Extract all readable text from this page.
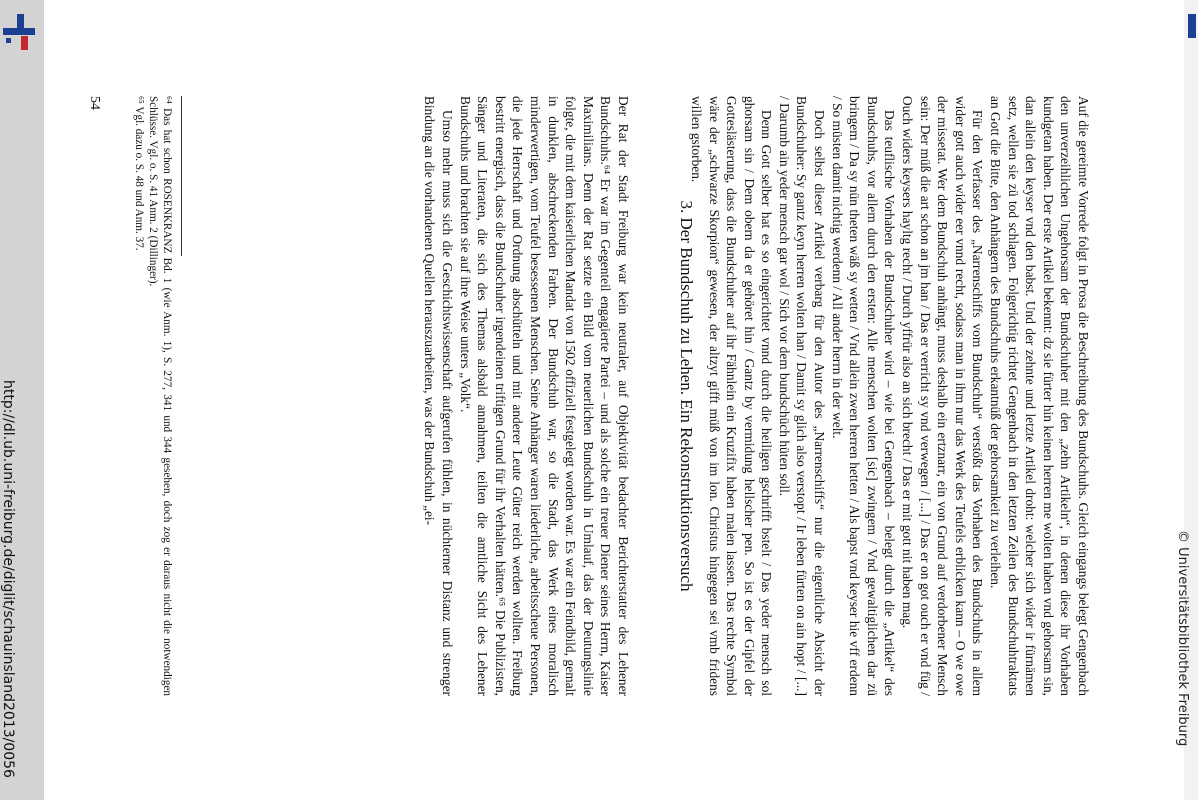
http://dl.ub.uni-freiburg.de/diglit/schauinsland2013/0056	© Universitätsbibliothek Freiburg

Auf die gereimte Vorrede folgt in Prosa die Beschreibung des Bundschuhs. Gleich eingangs belegt Gengenbach den unverzeihlichen Ungehorsam der Bundschuher mit den „zehn Artikeln“, in denen diese ihr Vorhaben kundgetan haben. Der erste Artikel bekennt: dz sie fürter hin keinen herren me wolten haben vnd gehorsam sin, dan allein den keyser vnd den babst. Und der zehnte und letzte Artikel droht: welcher sich wider ir fürnämen setz, wellen sie zü tod schlagen. Folgerichtig richtet Gengenbach in den letzten Zeilen des Bundschuhtraktats an Gott die Bitte, den Anhängern des Bundschuhs erkantnüß der gehorsamkeit zu verleihen.

Für den Verfasser des „Narrenschiffs vom Bundschuh“ verstößt das Vorhaben des Bundschuhs in allem wider gott auch wider eer vnnd recht, sodass man in ihm nur das Werk des Teufels erblicken kann – O we owe der missetat. Wer dem Bundschuh anhängt, muss deshalb ein ertznarr, ein von Grund auf verdorbener Mensch sein: Der müß die art schon an jm han / Das er verricht sy vnd verwegen / [...] / Das er on got ouch er vnd füg / Ouch widers keysers hayltg recht / Durch yffrür also an sich brecht / Das er mit gott nit haben mag.

Das teuflische Vorhaben der Bundschuher wird – wie bei Gengenbach – belegt durch die „Artikel“ des Bundschuhs, vor allem durch den ersten: Alle menschen wolten [sic] zwingem / Vnd gewaltiglichen dar zü bringem / Da sy nün theten wäß sy wetten / Vnd allein zwen herren hetten / Als bapst vnd keyser hie vff erdenn / So müsten damit nichtig werdenn / All ander herrn in der welt.

Doch selbst dieser Artikel verbarg für den Autor des „Narrenschiffs“ nur die eigentliche Absicht der Bundschuher: Sy gantz keyn herren wolten han / Damit sy glich also verstopt / Ir leben fürten on ain hopt / [...] / Darumb ain yeder mensch gar wol / Sich vor dem bundschüch hüten soll.

Denn Gott selber hat es so eingerichtet vnnd durch die heiligen gschrifft bstelt / Das yeder mensch sol ghorsam sin / Dem obern da er gehöret hin / Gantz by vermidung hellscher pen. So ist es der Gipfel der Gotteslästerung, dass die Bundschuher auf ihr Fähnlein ein Kruzifix haben malen lassen. Das rechte Symbol wäre der „schwarze Skorpion“ gewesen, der altzyt gifft müß von im lon. Christus hingegen sei vmb fridens willen gstorben.

3. Der Bundschuh zu Lehen. Ein Rekonstruktionsversuch

Der Rat der Stadt Freiburg war kein neutraler, auf Objektivität bedachter Berichterstatter des Lehener Bundschuhs.⁶⁴ Er war im Gegenteil engagierte Partei – und als solche ein treuer Diener seines Herrn, Kaiser Maximilians. Denn der Rat setzte ein Bild vom neuerlichen Bundschuh in Umlauf, das der Deutungslinie folgte, die mit dem kaiserlichen Mandat von 1502 offiziell festgelegt worden war. Es war ein Feindbild, gemalt in dunklen, abschreckenden Farben. Der Bundschuh war, so die Stadt, das Werk eines moralisch minderwertigen, vom Teufel besessenen Menschen. Seine Anhänger waren liederliche, arbeitsscheue Personen, die jede Herrschaft und Ordnung abschütteln und mit anderer Leute Güter reich werden wollten. Freiburg bestritt energisch, dass die Bundschuher irgendeinen triftigen Grund für ihr Verhalten hätten.⁶⁵ Die Publizisten, Sänger und Literaten, die sich des Themas alsbald annahmen, teilten die amtliche Sicht des Lehener Bundschuhs und brachten sie auf ihre Weise unters „Volk“.

Umso mehr muss sich die Geschichtswissenschaft aufgerufen fühlen, in nüchterner Distanz und strenger Bindung an die vorhandenen Quellen herauszuarbeiten, was der Bundschuh „ei-

⁶⁴ Das hat schon ROSENKRANZ Bd. 1 (wie Anm. 1), S. 277, 341 und 344 gesehen, doch zog er daraus nicht die notwendigen Schlüsse. Vgl. o. S. 41 Anm. 2 (Dillinger).

⁶⁵ Vgl. dazu o. S. 48 und Anm. 37.

54
